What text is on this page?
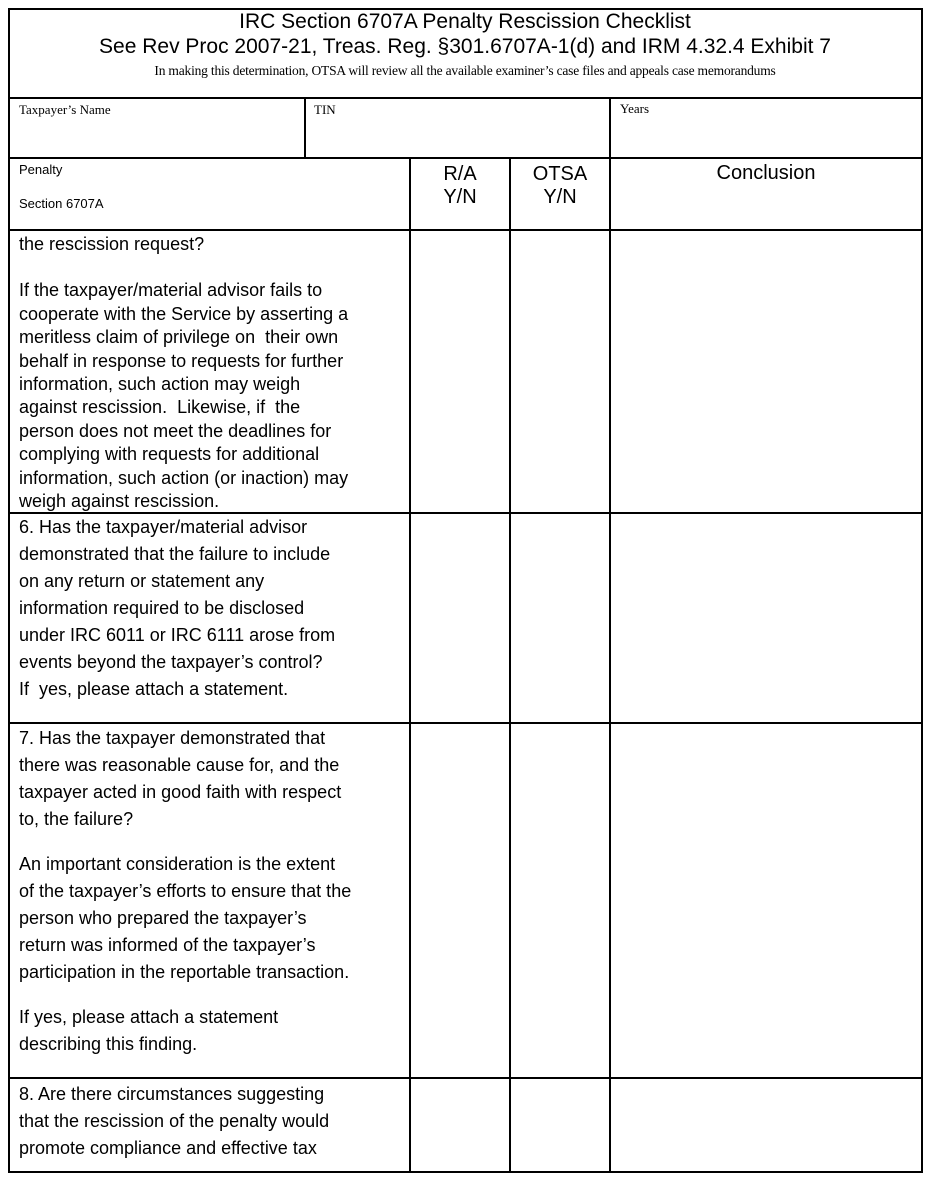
IRC Section 6707A Penalty Rescission Checklist
See Rev Proc 2007-21, Treas. Reg. §301.6707A-1(d) and IRM 4.32.4 Exhibit 7
In making this determination, OTSA will review all the available examiner’s case files and appeals case memorandums
Taxpayer’s Name	TIN	Years
Penalty
Section 6707A
R/A
Y/N
OTSA
Y/N
Conclusion
the rescission request?
If the taxpayer/material advisor fails to
cooperate with the Service by asserting a
meritless claim of privilege on  their own
behalf in response to requests for further
information, such action may weigh
against rescission.  Likewise, if  the
person does not meet the deadlines for
complying with requests for additional
information, such action (or inaction) may
weigh against rescission.
6. Has the taxpayer/material advisor
demonstrated that the failure to include
on any return or statement any
information required to be disclosed
under IRC 6011 or IRC 6111 arose from
events beyond the taxpayer’s control?
If  yes, please attach a statement.
7. Has the taxpayer demonstrated that
there was reasonable cause for, and the
taxpayer acted in good faith with respect
to, the failure?
An important consideration is the extent
of the taxpayer’s efforts to ensure that the
person who prepared the taxpayer’s
return was informed of the taxpayer’s
participation in the reportable transaction.
If yes, please attach a statement
describing this finding.
8. Are there circumstances suggesting
that the rescission of the penalty would
promote compliance and effective tax
